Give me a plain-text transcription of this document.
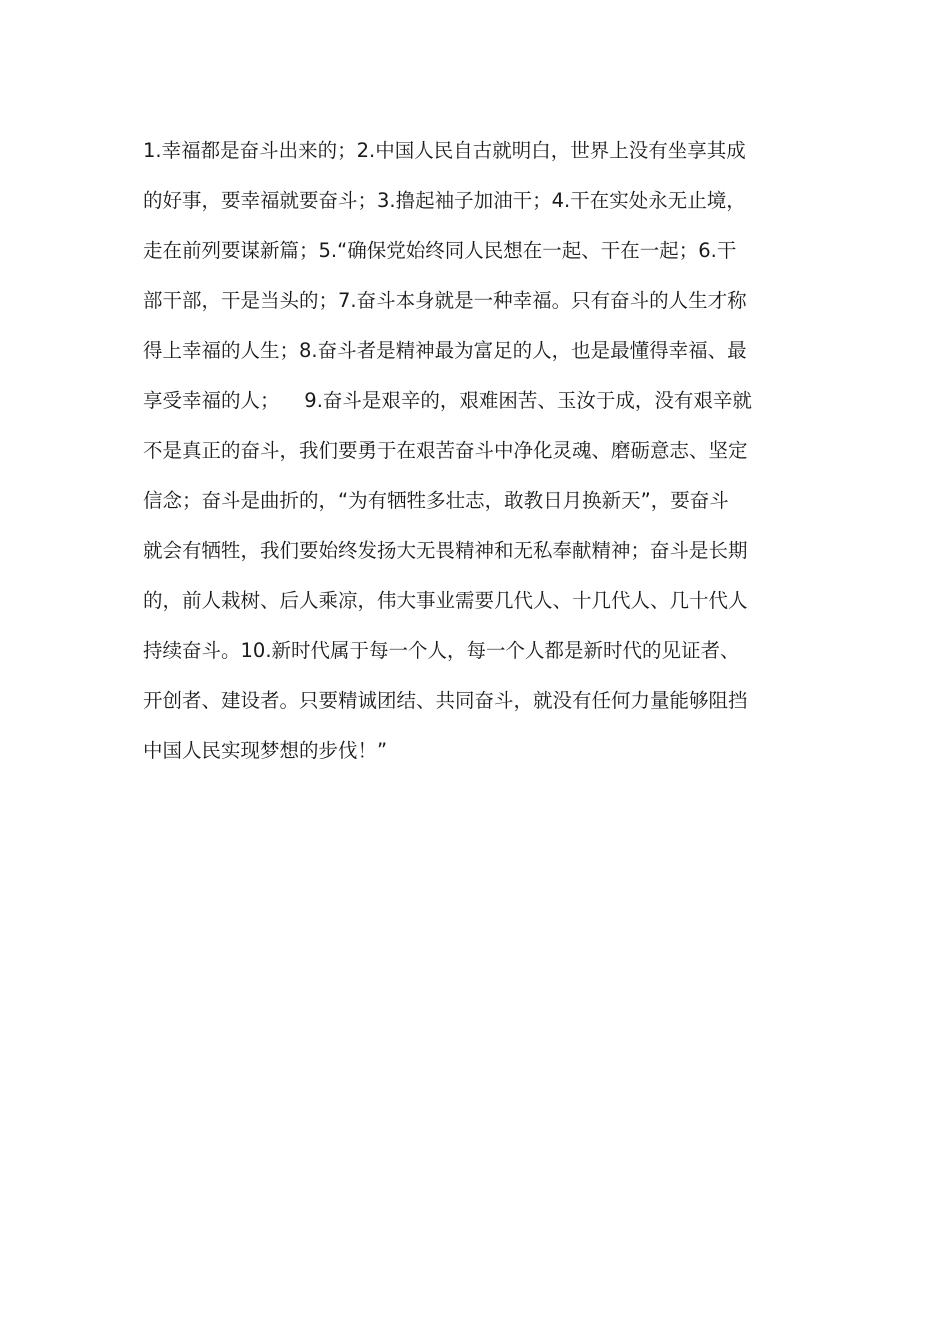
1.幸福都是奋斗出来的；2.中国人民自古就明白，世界上没有坐享其成
的好事，要幸福就要奋斗；3.撸起袖子加油干；4.干在实处永无止境，
走在前列要谋新篇；5.“确保党始终同人民想在一起、干在一起；6.干
部干部，干是当头的；7.奋斗本身就是一种幸福。只有奋斗的人生才称
得上幸福的人生；8.奋斗者是精神最为富足的人，也是最懂得幸福、最
享受幸福的人；    9.奋斗是艰辛的，艰难困苦、玉汝于成，没有艰辛就
不是真正的奋斗，我们要勇于在艰苦奋斗中净化灵魂、磨砺意志、坚定
信念；奋斗是曲折的，“为有牺牲多壮志，敢教日月换新天”，要奋斗
就会有牺牲，我们要始终发扬大无畏精神和无私奉献精神；奋斗是长期
的，前人栽树、后人乘凉，伟大事业需要几代人、十几代人、几十代人
持续奋斗。10.新时代属于每一个人，每一个人都是新时代的见证者、
开创者、建设者。只要精诚团结、共同奋斗，就没有任何力量能够阻挡
中国人民实现梦想的步伐！”
